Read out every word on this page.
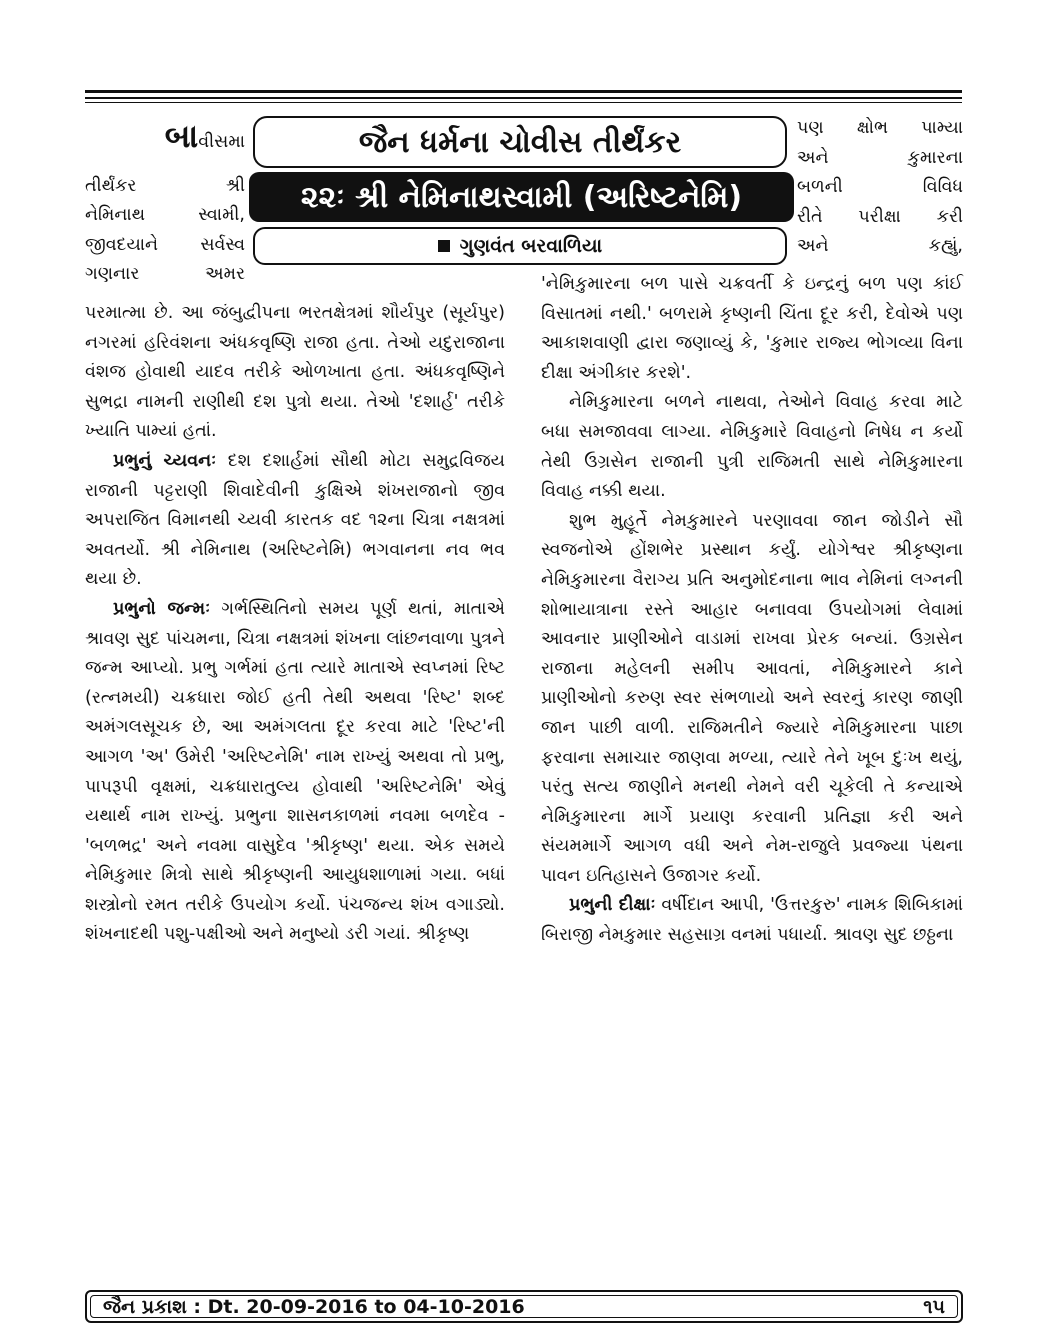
બાવીસમા

તીર્થંકર શ્રી

નેમિનાથ સ્વામી,

જીવદયાને સર્વસ્વ

ગણનાર અમર

પણ ક્ષોભ પામ્યા

અને કુમારના

બળની વિવિધ

રીતે પરીક્ષા કરી

અને કહ્યું,

જૈન ધર્મના ચોવીસ તીર્થંકર
૨૨ઃ શ્રી નેમિનાથસ્વામી (અરિષ્ટનેમિ)
ગુણવંત બરવાળિયા

પરમાત્મા છે. આ જંબુદ્વીપના ભરતક્ષેત્રમાં શૌર્યપુર (સૂર્યપુર) નગરમાં હરિવંશના અંધકવૃષ્ણિ રાજા હતા. તેઓ યદુરાજાના વંશજ હોવાથી યાદવ તરીકે ઓળખાતા હતા. અંધકવૃષ્ણિને સુભદ્રા નામની રાણીથી દશ પુત્રો થયા. તેઓ 'દશાર્હ' તરીકે ખ્યાતિ પામ્યાં હતાં.

પ્રભુનું ચ્યવનઃ દશ દશાર્હમાં સૌથી મોટા સમુદ્રવિજય રાજાની પટ્ટરાણી શિવાદેવીની કુક્ષિએ શંખરાજાનો જીવ અપરાજિત વિમાનથી ચ્યવી કારતક વદ ૧૨ના ચિત્રા નક્ષત્રમાં અવતર્યો. શ્રી નેમિનાથ (અરિષ્ટનેમિ) ભગવાનના નવ ભવ થયા છે.

પ્રભુનો જન્મઃ ગર્ભસ્થિતિનો સમય પૂર્ણ થતાં, માતાએ શ્રાવણ સુદ પાંચમના, ચિત્રા નક્ષત્રમાં શંખના લાંછનવાળા પુત્રને જન્મ આપ્યો. પ્રભુ ગર્ભમાં હતા ત્યારે માતાએ સ્વપ્નમાં રિષ્ટ (રત્નમયી) ચક્રધારા જોઈ હતી તેથી અથવા 'રિષ્ટ' શબ્દ અમંગલસૂચક છે, આ અમંગલતા દૂર કરવા માટે 'રિષ્ટ'ની આગળ 'અ' ઉમેરી 'અરિષ્ટનેમિ' નામ રાખ્યું અથવા તો પ્રભુ, પાપરૂપી વૃક્ષમાં, ચક્રધારાતુલ્ય હોવાથી 'અરિષ્ટનેમિ' એવું યથાર્થ નામ રાખ્યું. પ્રભુના શાસનકાળમાં નવમા બળદેવ - 'બળભદ્ર' અને નવમા વાસુદેવ 'શ્રીકૃષ્ણ' થયા. એક સમયે નેમિકુમાર મિત્રો સાથે શ્રીકૃષ્ણની આયુધશાળામાં ગયા. બધાં શસ્ત્રોનો રમત તરીકે ઉપયોગ કર્યો. પંચજન્ય શંખ વગાડ્યો. શંખનાદથી પશુ-પક્ષીઓ અને મનુષ્યો ડરી ગયાં. શ્રીકૃષ્ણ

'નેમિકુમારના બળ પાસે ચક્રવર્તી કે ઇન્દ્રનું બળ પણ કાંઈ વિસાતમાં નથી.' બળરામે કૃષ્ણની ચિંતા દૂર કરી, દેવોએ પણ આકાશવાણી દ્વારા જણાવ્યું કે, 'કુમાર રાજ્ય ભોગવ્યા વિના દીક્ષા અંગીકાર કરશે'.

નેમિકુમારના બળને નાથવા, તેઓને વિવાહ કરવા માટે બધા સમજાવવા લાગ્યા. નેમિકુમારે વિવાહનો નિષેધ ન કર્યો તેથી ઉગ્રસેન રાજાની પુત્રી રાજિમતી સાથે નેમિકુમારના વિવાહ નક્કી થયા.

શુભ મુહૂર્તે નેમકુમારને પરણાવવા જાન જોડીને સૌ સ્વજનોએ હોંશભેર પ્રસ્થાન કર્યું. યોગેશ્વર શ્રીકૃષ્ણના નેમિકુમારના વૈરાગ્ય પ્રતિ અનુમોદનાના ભાવ નેમિનાં લગ્નની શોભાયાત્રાના રસ્તે આહાર બનાવવા ઉપયોગમાં લેવામાં આવનાર પ્રાણીઓને વાડામાં રાખવા પ્રેરક બન્યાં. ઉગ્રસેન રાજાના મહેલની સમીપ આવતાં, નેમિકુમારને કાને પ્રાણીઓનો કરુણ સ્વર સંભળાયો અને સ્વરનું કારણ જાણી જાન પાછી વાળી. રાજિમતીને જ્યારે નેમિકુમારના પાછા ફરવાના સમાચાર જાણવા મળ્યા, ત્યારે તેને ખૂબ દુઃખ થયું, પરંતુ સત્ય જાણીને મનથી નેમને વરી ચૂકેલી તે કન્યાએ નેમિકુમારના માર્ગે પ્રયાણ કરવાની પ્રતિજ્ઞા કરી અને સંયમમાર્ગે આગળ વધી અને નેમ-રાજુલે પ્રવજ્યા પંથના પાવન ઇતિહાસને ઉજાગર કર્યો.

પ્રભુની દીક્ષાઃ વર્ષીદાન આપી, 'ઉત્તરકુરુ' નામક શિબિકામાં બિરાજી નેમકુમાર સહસાગ્ર વનમાં પધાર્યા. શ્રાવણ સુદ છઠ્ઠના

જૈન પ્રકાશ : Dt. 20-09-2016 to 04-10-2016	૧૫
